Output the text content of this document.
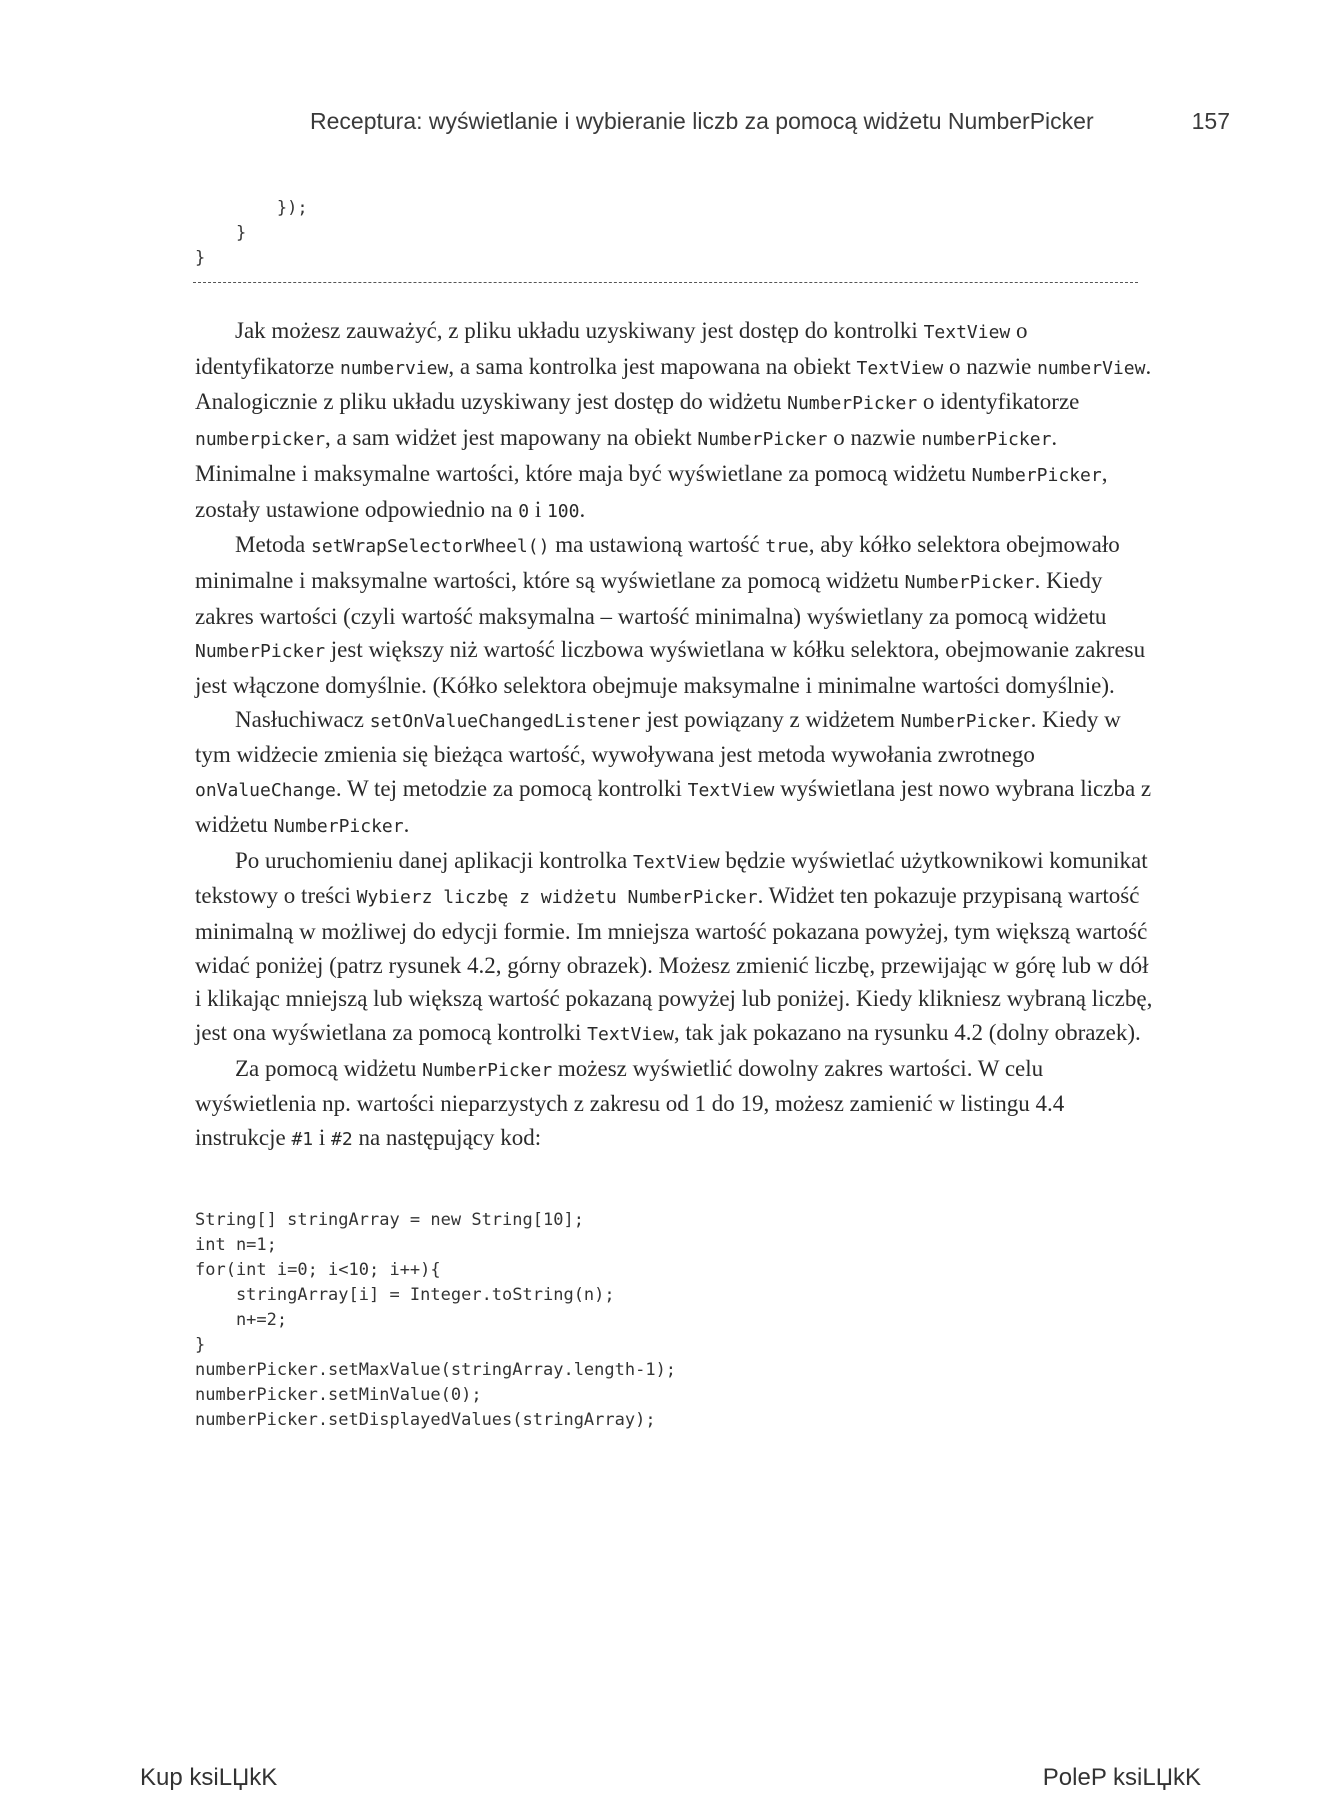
Receptura: wyświetlanie i wybieranie liczb za pomocą widżetu NumberPicker	157
});
}
}

Jak możesz zauważyć, z pliku układu uzyskiwany jest dostęp do kontrolki TextView o identyfikatorze numberview, a sama kontrolka jest mapowana na obiekt TextView o nazwie numberView. Analogicznie z pliku układu uzyskiwany jest dostęp do widżetu NumberPicker o identyfikatorze numberpicker, a sam widżet jest mapowany na obiekt NumberPicker o nazwie numberPicker. Minimalne i maksymalne wartości, które maja być wyświetlane za pomocą widżetu NumberPicker, zostały ustawione odpowiednio na 0 i 100.

Metoda setWrapSelectorWheel() ma ustawioną wartość true, aby kółko selektora obejmowało minimalne i maksymalne wartości, które są wyświetlane za pomocą widżetu NumberPicker. Kiedy zakres wartości (czyli wartość maksymalna – wartość minimalna) wyświetlany za pomocą widżetu NumberPicker jest większy niż wartość liczbowa wyświetlana w kółku selektora, obejmowanie zakresu jest włączone domyślnie. (Kółko selektora obejmuje maksymalne i minimalne wartości domyślnie).

Nasłuchiwacz setOnValueChangedListener jest powiązany z widżetem NumberPicker. Kiedy w tym widżecie zmienia się bieżąca wartość, wywoływana jest metoda wywołania zwrotnego onValueChange. W tej metodzie za pomocą kontrolki TextView wyświetlana jest nowo wybrana liczba z widżetu NumberPicker.

Po uruchomieniu danej aplikacji kontrolka TextView będzie wyświetlać użytkownikowi komunikat tekstowy o treści Wybierz liczbę z widżetu NumberPicker. Widżet ten pokazuje przypisaną wartość minimalną w możliwej do edycji formie. Im mniejsza wartość pokazana powyżej, tym większą wartość widać poniżej (patrz rysunek 4.2, górny obrazek). Możesz zmienić liczbę, przewijając w górę lub w dół i klikając mniejszą lub większą wartość pokazaną powyżej lub poniżej. Kiedy klikniesz wybraną liczbę, jest ona wyświetlana za pomocą kontrolki TextView, tak jak pokazano na rysunku 4.2 (dolny obrazek).

Za pomocą widżetu NumberPicker możesz wyświetlić dowolny zakres wartości. W celu wyświetlenia np. wartości nieparzystych z zakresu od 1 do 19, możesz zamienić w listingu 4.4 instrukcje #1 i #2 na następujący kod:

String[] stringArray = new String[10];
int n=1;
for(int i=0; i<10; i++){
stringArray[i] = Integer.toString(n);
n+=2;
}
numberPicker.setMaxValue(stringArray.length-1);
numberPicker.setMinValue(0);
numberPicker.setDisplayedValues(stringArray);
Kup ksiLЏkK	PoleP ksiLЏkK
